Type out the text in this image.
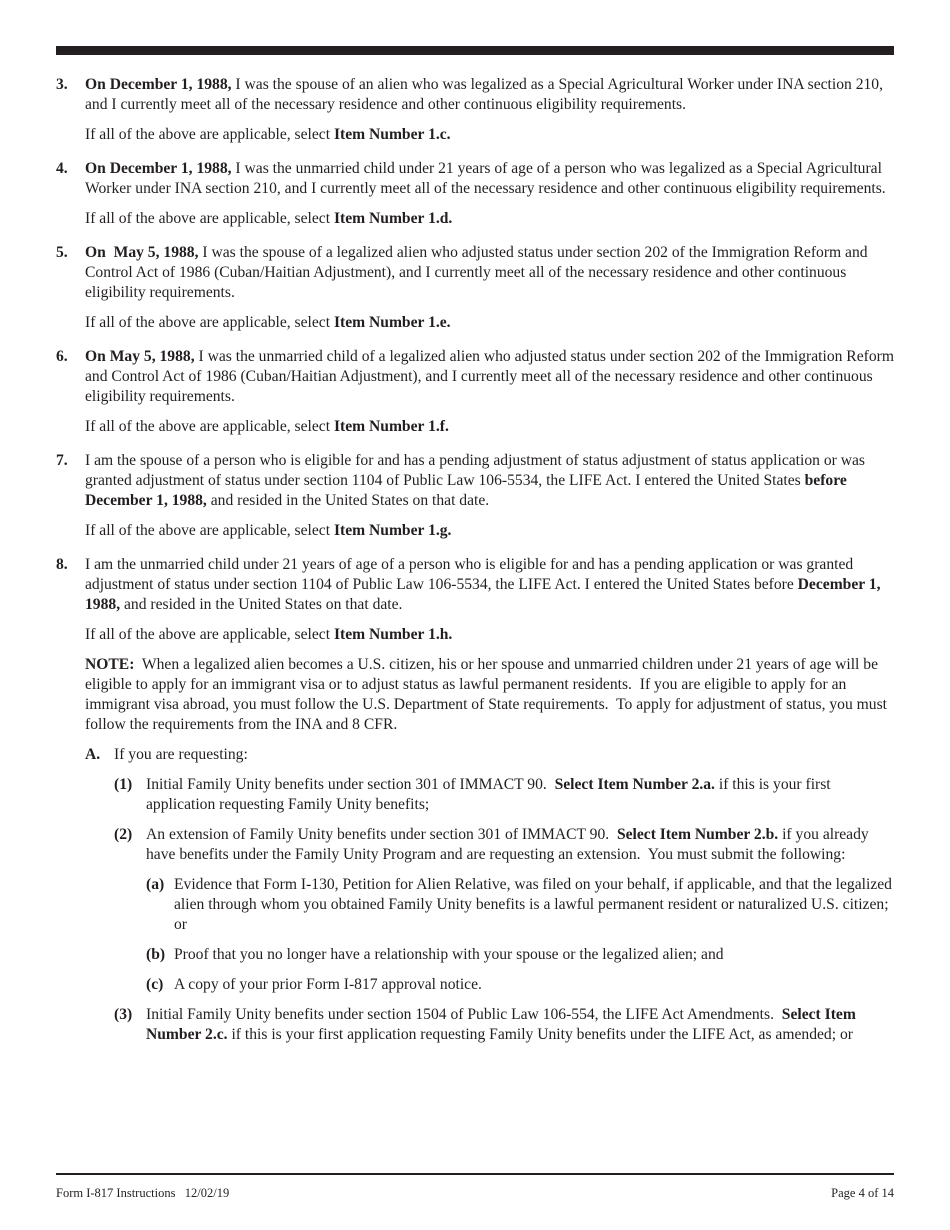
3. On December 1, 1988, I was the spouse of an alien who was legalized as a Special Agricultural Worker under INA section 210, and I currently meet all of the necessary residence and other continuous eligibility requirements.

If all of the above are applicable, select Item Number 1.c.

4. On December 1, 1988, I was the unmarried child under 21 years of age of a person who was legalized as a Special Agricultural Worker under INA section 210, and I currently meet all of the necessary residence and other continuous eligibility requirements.

If all of the above are applicable, select Item Number 1.d.

5. On  May 5, 1988, I was the spouse of a legalized alien who adjusted status under section 202 of the Immigration Reform and Control Act of 1986 (Cuban/Haitian Adjustment), and I currently meet all of the necessary residence and other continuous eligibility requirements.

If all of the above are applicable, select Item Number 1.e.

6. On May 5, 1988, I was the unmarried child of a legalized alien who adjusted status under section 202 of the Immigration Reform and Control Act of 1986 (Cuban/Haitian Adjustment), and I currently meet all of the necessary residence and other continuous eligibility requirements.

If all of the above are applicable, select Item Number 1.f.

7. I am the spouse of a person who is eligible for and has a pending adjustment of status adjustment of status application or was granted adjustment of status under section 1104 of Public Law 106-5534, the LIFE Act. I entered the United States before December 1, 1988, and resided in the United States on that date.

If all of the above are applicable, select Item Number 1.g.

8. I am the unmarried child under 21 years of age of a person who is eligible for and has a pending application or was granted adjustment of status under section 1104 of Public Law 106-5534, the LIFE Act. I entered the United States before December 1, 1988, and resided in the United States on that date.

If all of the above are applicable, select Item Number 1.h.

NOTE:  When a legalized alien becomes a U.S. citizen, his or her spouse and unmarried children under 21 years of age will be eligible to apply for an immigrant visa or to adjust status as lawful permanent residents.  If you are eligible to apply for an immigrant visa abroad, you must follow the U.S. Department of State requirements.  To apply for adjustment of status, you must follow the requirements from the INA and 8 CFR.

A. If you are requesting:

(1) Initial Family Unity benefits under section 301 of IMMACT 90.  Select Item Number 2.a. if this is your first application requesting Family Unity benefits;

(2) An extension of Family Unity benefits under section 301 of IMMACT 90.  Select Item Number 2.b. if you already have benefits under the Family Unity Program and are requesting an extension.  You must submit the following:

(a) Evidence that Form I-130, Petition for Alien Relative, was filed on your behalf, if applicable, and that the legalized alien through whom you obtained Family Unity benefits is a lawful permanent resident or naturalized U.S. citizen; or

(b) Proof that you no longer have a relationship with your spouse or the legalized alien; and

(c) A copy of your prior Form I-817 approval notice.

(3) Initial Family Unity benefits under section 1504 of Public Law 106-554, the LIFE Act Amendments.  Select Item Number 2.c. if this is your first application requesting Family Unity benefits under the LIFE Act, as amended; or

Form I-817 Instructions   12/02/19	Page 4 of 14
